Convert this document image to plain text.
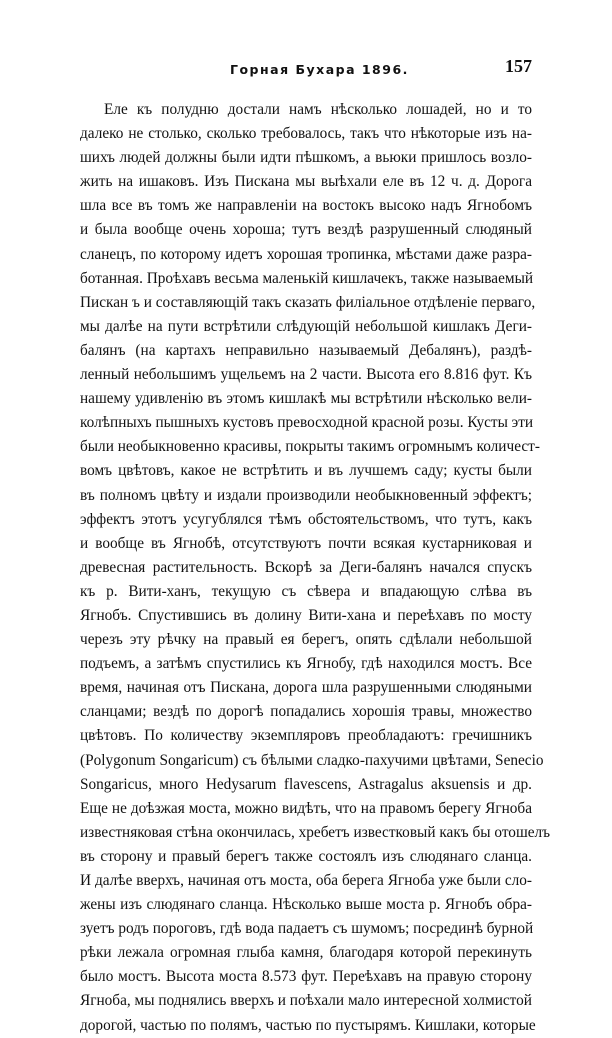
Горная Бухара 1896.	157
Еле къ полудню достали намъ нѣсколько лошадей, но и то
далеко не столько, сколько требовалось, такъ что нѣкоторые изъ на-
шихъ людей должны были идти пѣшкомъ, а вьюки пришлось возло-
жить на ишаковъ. Изъ Пискана мы выѣхали еле въ 12 ч. д. Дорога
шла все въ томъ же направленіи на востокъ высоко надъ Ягнобомъ
и была вообще очень хороша; тутъ вездѣ разрушенный слюдяный
сланецъ, по которому идетъ хорошая тропинка, мѣстами даже разра-
ботанная. Проѣхавъ весьма маленькій кишлачекъ, также называемый
Пискан ъ и составляющій такъ сказать филіальное отдѣленіе перваго,
мы далѣе на пути встрѣтили слѣдующій небольшой кишлакъ Деги-
балянъ (на картахъ неправильно называемый Дебалянъ), раздѣ-
ленный небольшимъ ущельемъ на 2 части. Высота его 8.816 фут. Къ
нашему удивленію въ этомъ кишлакѣ мы встрѣтили нѣсколько вели-
колѣпныхъ пышныхъ кустовъ превосходной красной розы. Кусты эти
были необыкновенно красивы, покрыты такимъ огромнымъ количест-
вомъ цвѣтовъ, какое не встрѣтить и въ лучшемъ саду; кусты были
въ полномъ цвѣту и издали производили необыкновенный эффектъ;
эффектъ этотъ усугублялся тѣмъ обстоятельствомъ, что тутъ, какъ
и вообще въ Ягнобѣ, отсутствуютъ почти всякая кустарниковая и
древесная растительность. Вскорѣ за Деги-балянъ начался спускъ
къ р. Вити-ханъ, текущую съ сѣвера и впадающую слѣва въ
Ягнобъ. Спустившись въ долину Вити-хана и переѣхавъ по мосту
черезъ эту рѣчку на правый ея берегъ, опять сдѣлали небольшой
подъемъ, а затѣмъ спустились къ Ягнобу, гдѣ находился мостъ. Все
время, начиная отъ Пискана, дорога шла разрушенными слюдяными
сланцами; вездѣ по дорогѣ попадались хорошія травы, множество
цвѣтовъ. По количеству экземпляровъ преобладаютъ: гречишникъ
(Polygonum Songaricum) съ бѣлыми сладко-пахучими цвѣтами, Senecio
Songaricus, много Hedysarum flavescens, Astragalus aksuensis и др.
Еще не доѣзжая моста, можно видѣть, что на правомъ берегу Ягноба
известняковая стѣна окончилась, хребетъ известковый какъ бы отошелъ
въ сторону и правый берегъ также состоялъ изъ слюдянаго сланца.
И далѣе вверхъ, начиная отъ моста, оба берега Ягноба уже были сло-
жены изъ слюдянаго сланца. Нѣсколько выше моста р. Ягнобъ обра-
зуетъ родъ пороговъ, гдѣ вода падаетъ съ шумомъ; посрединѣ бурной
рѣки лежала огромная глыба камня, благодаря которой перекинуть
было мостъ. Высота моста 8.573 фут. Переѣхавъ на правую сторону
Ягноба, мы поднялись вверхъ и поѣхали мало интересной холмистой
дорогой, частью по полямъ, частью по пустырямъ. Кишлаки, которые
